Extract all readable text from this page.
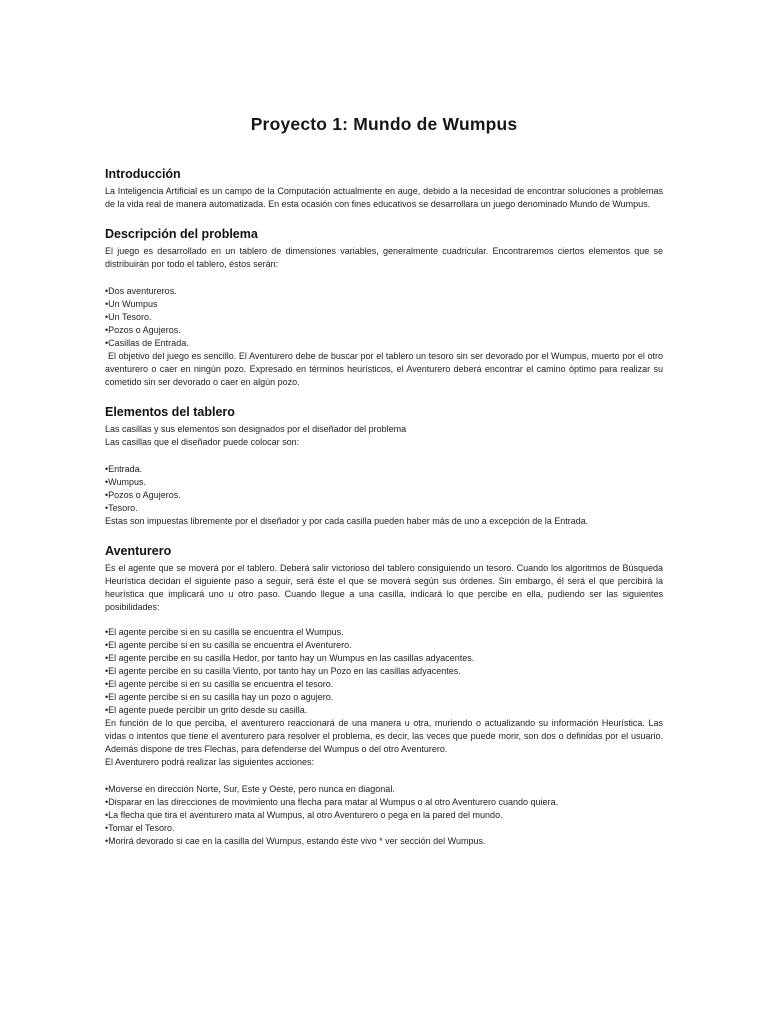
Proyecto 1: Mundo de Wumpus
Introducción

La Inteligencia Artificial es un campo de la Computación actualmente en auge, debido a la necesidad de encontrar soluciones a problemas de la vida real de manera automatizada. En esta ocasión con fines educativos se desarrollara un juego denominado Mundo de Wumpus.

Descripción del problema

El juego es desarrollado en un tablero de dimensiones variables, generalmente cuadricular. Encontraremos ciertos elementos que se distribuirán por todo el tablero, éstos serán:

• Dos aventureros.
• Un Wumpus
• Un Tesoro.
• Pozos o Agujeros.
• Casillas de Entrada.

El objetivo del juego es sencillo. El Aventurero debe de buscar por el tablero un tesoro sin ser devorado por el Wumpus, muerto por el otro aventurero o caer en ningún pozo. Expresado en términos heurísticos, el Aventurero deberá encontrar el camino óptimo para realizar su cometido sin ser devorado o caer en algún pozo.

Elementos del tablero

Las casillas y sus elementos son designados por el diseñador del problema

Las casillas que el diseñador puede colocar son:

• Entrada.
• Wumpus.
• Pozos o Agujeros.
• Tesoro.

Estas son impuestas libremente por el diseñador y por cada casilla pueden haber más de uno a excepción de la Entrada.

Aventurero

Es el agente que se moverá por el tablero. Deberá salir victorioso del tablero consiguiendo un tesoro. Cuando los algoritmos de Búsqueda Heurística decidan el siguiente paso a seguir, será éste el que se moverá según sus órdenes. Sin embargo, él será el que percibirá la heurística que implicará uno u otro paso. Cuando llegue a una casilla, indicará lo que percibe en ella, pudiendo ser las siguientes posibilidades:

• El agente percibe si en su casilla se encuentra el Wumpus.
• El agente percibe si en su casilla se encuentra el Aventurero.
• El agente percibe en su casilla Hedor, por tanto hay un Wumpus en las casillas adyacentes.
• El agente percibe en su casilla Viento, por tanto hay un Pozo en las casillas adyacentes.
• El agente percibe si en su casilla se encuentra el tesoro.
• El agente percibe si en su casilla hay un pozo o agujero.
• El agente puede percibir un grito desde su casilla.

En función de lo que perciba, el aventurero reaccionará de una manera u otra, muriendo o actualizando su información Heurística. Las vidas o intentos que tiene el aventurero para resolver el problema, es decir, las veces que puede morir, son dos o definidas por el usuario. Además dispone de tres Flechas, para defenderse del Wumpus o del otro Aventurero.

El Aventurero podrá realizar las siguientes acciones:

• Moverse en dirección Norte, Sur, Este y Oeste, pero nunca en diagonal.
• Disparar en las direcciones de movimiento una flecha para matar al Wumpus o al otro Aventurero cuando quiera.
• La flecha que tira el aventurero mata al Wumpus, al otro Aventurero o pega en la pared del mundo.
• Tomar el Tesoro.
• Morirá devorado si cae en la casilla del Wumpus, estando éste vivo * ver sección del Wumpus.
